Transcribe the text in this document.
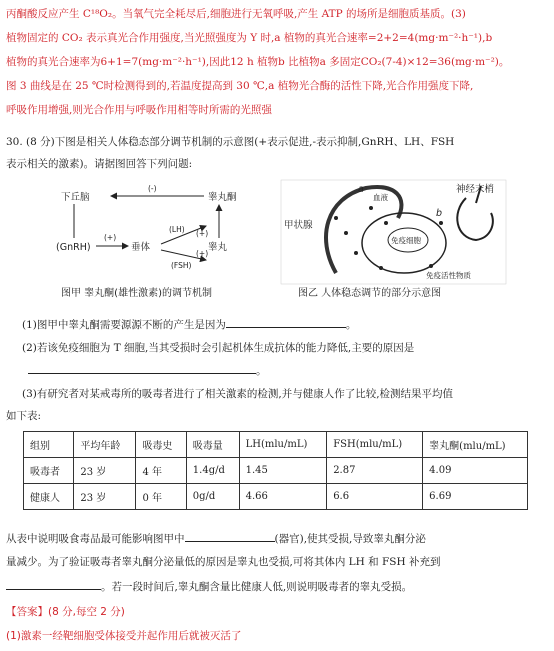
丙酮酸反应产生 C¹⁸O₂。当氧气完全耗尽后,细胞进行无氧呼吸,产生 ATP 的场所是细胞质基质。(3)
植物固定的 CO₂ 表示真光合作用强度,当光照强度为 Y 时,a 植物的真光合速率=2+2=4(mg·m⁻²·h⁻¹),b
植物的真光合速率为6+1=7(mg·m⁻²·h⁻¹),因此12 h 植物b 比植物a 多固定CO₂(7-4)×12=36(mg·m⁻²)。
图 3 曲线是在 25 ℃时检测得到的,若温度提高到 30 ℃,a 植物光合酶的活性下降,光合作用强度下降,
呼吸作用增强,则光合作用与呼吸作用相等时所需的光照强
30. (8 分)下图是相关人体稳态部分调节机制的示意图(+表示促进,-表示抑制,GnRH、LH、FSH
表示相关的激素)。请据图回答下列问题:
下丘脑	睾丸酮
(-)
(GnRH)
(+)
垂体
(LH)
(FSH)
(+)
(+)
睾丸
图甲 睾丸酮(雄性激素)的调节机制
神经末梢
血液
甲状腺
免疫细胞
免疫活性物质
a
b
图乙 人体稳态调节的部分示意图
(1)图甲中睾丸酮需要源源不断的产生是因为	。
(2)若该免疫细胞为 T 细胞,当其受损时会引起机体生成抗体的能力降低,主要的原因是
。
(3)有研究者对某戒毒所的吸毒者进行了相关激素的检测,并与健康人作了比较,检测结果平均值
如下表:
组别	平均年龄	吸毒史	吸毒量	LH(mlu/mL)	FSH(mlu/mL)	睾丸酮(mlu/mL)
吸毒者	23 岁	4 年	1.4g/d	1.45	2.87	4.09
健康人	23 岁	0 年	0g/d	4.66	6.6	6.69
从表中说明吸食毒品最可能影响图甲中	(器官),使其受损,导致睾丸酮分泌
量减少。为了验证吸毒者睾丸酮分泌量低的原因是睾丸也受损,可将其体内 LH 和 FSH 补充到
。若一段时间后,睾丸酮含量比健康人低,则说明吸毒者的睾丸受损。
【答案】(8 分,每空 2 分)
(1)激素一经靶细胞受体接受并起作用后就被灭活了
